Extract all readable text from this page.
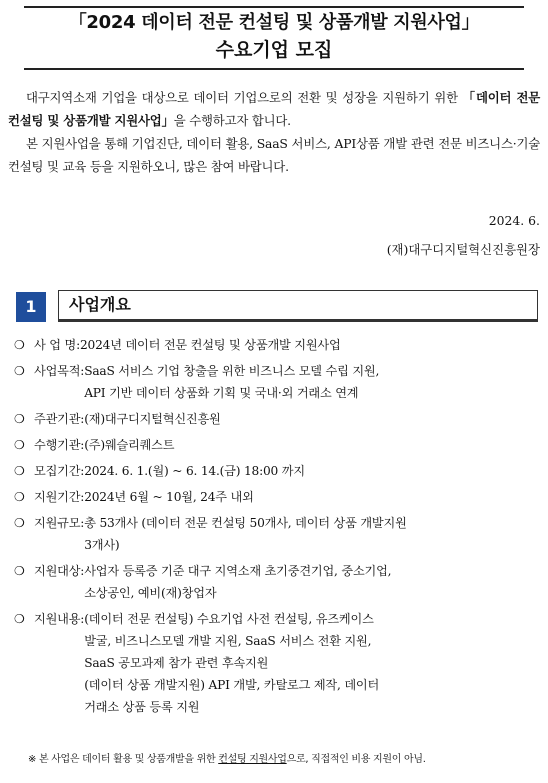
「2024 데이터 전문 컨설팅 및 상품개발 지원사업」
수요기업 모집

대구지역소재 기업을 대상으로 데이터 기업으로의 전환 및 성장을 지원하기 위한 「데이터 전문 컨설팅 및 상품개발 지원사업」을 수행하고자 합니다.

본 지원사업을 통해 기업진단, 데이터 활용, SaaS 서비스, API상품 개발 관련 전문 비즈니스·기술 컨설팅 및 교육 등을 지원하오니, 많은 참여 바랍니다.

2024. 6.
(재)대구디지털혁신진흥원장
1	사업개요
❍ 사 업 명: 2024년 데이터 전문 컨설팅 및 상품개발 지원사업
❍ 사업목적: SaaS 서비스 기업 창출을 위한 비즈니스 모델 수립 지원,
API 기반 데이터 상품화 기획 및 국내·외 거래소 연계
❍ 주관기관: (재)대구디지털혁신진흥원
❍ 수행기관: (주)웨슬리퀘스트
❍ 모집기간: 2024. 6. 1.(월) ~ 6. 14.(금) 18:00 까지
❍ 지원기간: 2024년 6월 ~ 10월, 24주 내외
❍ 지원규모: 총 53개사 (데이터 전문 컨설팅 50개사, 데이터 상품 개발지원
3개사)
❍ 지원대상: 사업자 등록증 기준 대구 지역소재 초기중견기업, 중소기업,
소상공인, 예비(재)창업자
❍ 지원내용: (데이터 전문 컨설팅) 수요기업 사전 컨설팅, 유즈케이스
발굴, 비즈니스모델 개발 지원, SaaS 서비스 전환 지원,
SaaS 공모과제 참가 관련 후속지원
(데이터 상품 개발지원) API 개발, 카탈로그 제작, 데이터
거래소 상품 등록 지원
※ 본 사업은 데이터 활용 및 상품개발을 위한 컨설팅 지원사업으로, 직접적인 비용 지원이 아님.
